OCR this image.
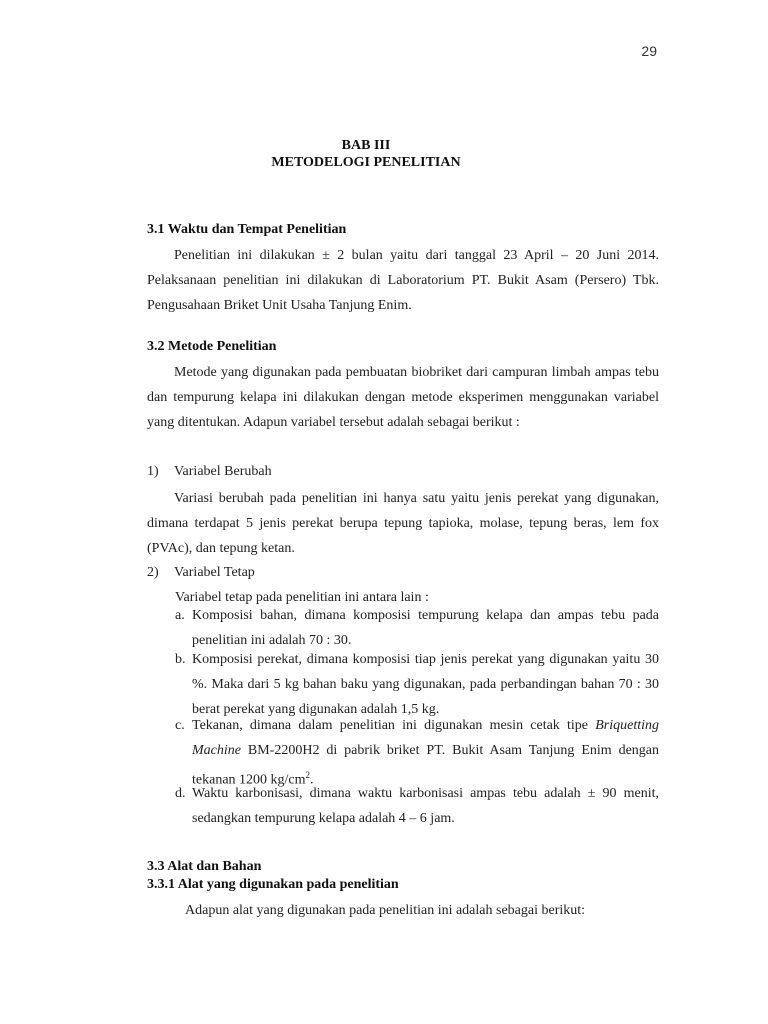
29
BAB III
METODELOGI PENELITIAN
3.1 Waktu dan Tempat Penelitian
Penelitian ini dilakukan ± 2 bulan yaitu dari tanggal 23 April – 20 Juni 2014. Pelaksanaan penelitian ini dilakukan di Laboratorium PT. Bukit Asam (Persero) Tbk. Pengusahaan Briket Unit Usaha Tanjung Enim.
3.2 Metode Penelitian
Metode yang digunakan pada pembuatan biobriket dari campuran limbah ampas tebu dan tempurung kelapa ini dilakukan dengan metode eksperimen menggunakan variabel yang ditentukan. Adapun variabel tersebut adalah sebagai berikut :
1) Variabel Berubah
Variasi berubah pada penelitian ini hanya satu yaitu jenis perekat yang digunakan, dimana terdapat 5 jenis perekat berupa tepung tapioka, molase, tepung beras, lem fox (PVAc), dan tepung ketan.
2) Variabel Tetap
Variabel tetap pada penelitian ini antara lain :
a. Komposisi bahan, dimana komposisi tempurung kelapa dan ampas tebu pada penelitian ini adalah 70 : 30.
b. Komposisi perekat, dimana komposisi tiap jenis perekat yang digunakan yaitu 30 %. Maka dari 5 kg bahan baku yang digunakan, pada perbandingan bahan 70 : 30 berat perekat yang digunakan adalah 1,5 kg.
c. Tekanan, dimana dalam penelitian ini digunakan mesin cetak tipe Briquetting Machine BM-2200H2 di pabrik briket PT. Bukit Asam Tanjung Enim dengan tekanan 1200 $kg/cm^2$.
d. Waktu karbonisasi, dimana waktu karbonisasi ampas tebu adalah ± 90 menit, sedangkan tempurung kelapa adalah 4 – 6 jam.
3.3 Alat dan Bahan
3.3.1 Alat yang digunakan pada penelitian
Adapun alat yang digunakan pada penelitian ini adalah sebagai berikut:
